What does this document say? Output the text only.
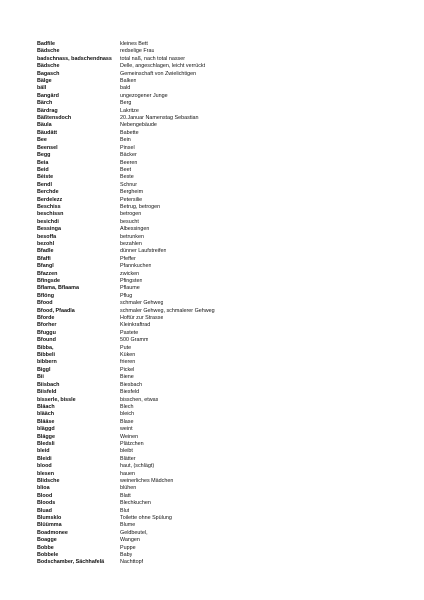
Badfile	kleines Bett
Bädsche	redselige Frau
badschnass, badschendnass	total naß, nach total nasser
Bädsche	Delle, angeschlagen, leicht verrückt
Bagasch	Gemeinschaft von Zwielichtigen
Bälge	Balken
bäll	bald
Bangärd	ungezogener Junge
Bärch	Berg
Bärdrag	Lakritze
Bäßtensdoch	20.Januar Namenstag Sebastian
Bäula	Nebengebäude
Bäudätt	Babette
Bee	Bein
Beensel	Pinsel
Begg	Bäcker
Beia	Beeren
Beid	Beet
Bèiste	Beste
Bendl	Schnur
Berchde	Bergheim
Berdelezz	Petersilie
Beschiss	Betrug, betrogen
beschissn	betrogen
besichdi	besucht
Bessinga	Albessingen
besoffa	betrunken
bezohl	bezahlen
Bfadle	dünner Laufstreifen
Bfaffi	Pfeffer
Bfangl	Pfannkuchen
Bfazzen	zwicken
Bfingsde	Pfingsten
Bflama, Bflaama	Pflaume
Bflöng	Pflug
Bfood	schmaler Gehweg
Bfood, Pfaadla	schmaler Gehweg, schmalerer Gehweg
Bforde	Hoftür zur Strasse
Bforher	Kleinkraftrad
Bfuggu	Pastete
Bfound	500 Gramm
Bibba,	Pute
Bibbeli	Küken
bibbern	frieren
Biggl	Pickel
Bii	Biene
Biisbach	Biesbach
Biisfeld	Biesfeld
bisserle, bissle	bisschen, etwas
Bläach	Blech
blääch	bleich
Blääse	Blase
bläggd	weint
Blägge	Weinen
Bledsli	Plätzchen
bleid	bleibt
Bleidi	Blätter
blood	haut, (schlägt)
blesen	hauen
Blidsche	weinerliches Mädchen
blioa	blühen
Blood	Blatt
Bloods	Blechkuchen
Bluad	Blut
Blumsklo	Toilette ohne Spülung
Blüümma	Blume
Boadmonee	Geldbeutel,
Boagge	Wangen
Bobbe	Puppe
Bobbele	Baby
Bodschamber, Sächhafelä	Nachttopf
